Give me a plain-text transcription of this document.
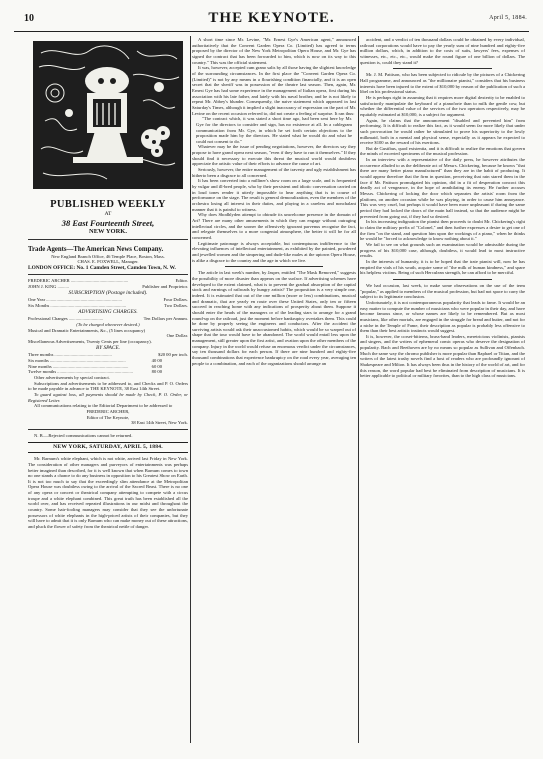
10	THE KEYNOTE.	April 5, 1884.
PUBLISHED WEEKLY
AT
38 East Fourteenth Street,
NEW YORK.
Trade Agents—The American News Company.
New England Branch Office, 46 Temple Place, Boston, Mass.
CHAS. E. FOXWELL, Manager.
LONDON OFFICE: No. 1 Camden Street, Camden Town, N. W.
FREDERIC ARCHER ..................................................	Editor.
JOHN J. KING ..........	Publisher and Proprietor.
SUBSCRIPTION (Postage included).
One Year ..................................................................	Four Dollars.
Six Months ..................................................................	Two Dollars.
ADVERTISING CHARGES.
Professional Changes ..............................	Ten Dollars per Annum.
(To be charged whenever desired.)
Musical and Dramatic Entertainments, &c., (5 lines occupancy)
One Dollar.
Miscellaneous Advertisements, Twenty Cents per line (occupancy).
BY SPACE.
Three months ..................................................	$20 00 per inch.
Six months ..................................................................	40 00
Nine months ..................................................................	60 00
Twelve months ..................................................................	80 00

Other advertisements by special contract.

Subscriptions and advertisements to be addressed to, and Checks and P. O. Orders to be made payable in advance to THE KEYNOTE, 38 East 14th Street.

To guard against loss, all payments should be made by Check, P. O. Order, or Registered Letter.

All communications relating to the Editorial Department to be addressed to

FREDERIC ARCHER,
Editor of The Keynote,
38 East 14th Street, New York.

N. B.—Rejected communications cannot be returned.

NEW YORK, SATURDAY, APRIL 5, 1884.

Mr. Barnum's white elephant, which is not white, arrived last Friday in New York. The consideration of other managers and purveyors of entertainments was perhaps better imagined than described, for it is well known that when Barnum comes to town no one stands a chance to do any business in opposition to his Greatest Show on Earth. It is not too much to say that the exceedingly slim attendance at the Metropolitan Opera House was doubtless owing to the arrival of the Sacred Beast. There is no one of any opera or concert or theatrical company attempting to compete with a circus troupe and a white elephant combined. This great truth has been established all the world over, and has received repeated illustrations in our midst and throughout the country. Some hair-fooling managers may consider that they see the unfortunate possessors of white elephants in the high-priced artists of their companies, but they will have to admit that it is only Barnum who can make money out of these attractions, and pluck the flower of safety from the theatrical nettle of danger.

A short time since Mr. Levine, "Mr. Ernest Gye's American agent," announced authoritatively that the Convent Garden Opera Co. (Limited) has agreed to terms proposed by the director of the New York Metropolitan Opera House, and Mr. Gye has signed the contract that has been forwarded to him, which is now on its way to this country." This was the official statement.

It was, however, accepted cum grano salis by all those having the slightest knowledge of the surrounding circumstances. In the first place the "Convent Garden Opera Co. (Limited)" is not by any means in a flourishing condition financially, and it is an open secret that the sheriff was in possession of the theatre last season. Then, again, Mr. Ernest Gye has had some experience in the management of Italian opera, first during his association with his late father, and lately with his naval brother, and he is not likely to repeat Mr. Abbey's blunder. Consequently, the naive statement which appeared in last Saturday's Times, although it implied a slight inaccuracy of expression on the part of Mr. Levine on the recent occasion referred to, did not create a feeling of surprise. It ran thus:

"The contract which, it was stated a short time ago, had been sent here by Mr. Gye for the directors to consider and sign, has no existence at all. In a cablegram communication from Mr. Gye, in which he set forth certain objections to the proposition made him by the directors. He stated what he would do and what he could not consent to do."

Whatever may be the issue of pending negotiations, however, the directors say they propose to have grand opera next season, "even if they have to run it themselves." If they should find it necessary to execute this threat the musical world would doubtless appreciate the artistic value of their efforts to advance the cause of art.

Seriously, however, the entire management of the travesty and ugly establishment has hitherto been a disgrace to all concerned.

It has been converted into a milliner's show room on a large scale, and is frequented by vulgar and ill-bred people, who by their persistent and idiotic conversation carried on in loud tones render it utterly impossible to hear anything that is in course of performance on the stage. The result is general demoralization, even the members of the orchestra losing all interest in their duties, and playing in a careless and nonchalant manner that it is painful to witness.

Why does Sbodhlyden attempt to obtrude its unwelcome presence in the domain of Art? There are many other amusements in which they can engage without outraging intellectual circles, and the sooner the offensively ignorant parvenus recognise the fact, and relegate themselves to a more congenial atmosphere, the better it will be for all concerned.

Legitimate patronage is always acceptable, but contemptuous indifference to the elevating influences of intellectual entertainment, as exhibited by the painted, powdered and jewelled women and the simpering and dude-like males at the uptown Opera House, is alike a disgrace to the country and the age in which we live.

The article in last week's number, by Jasper, entitled "The Mask Removed," suggests the possibility of more disaster than appears on the surface. If advertising schemes have developed to the extent claimed, what is to prevent the gradual absorption of the capital stock and earnings of railroads by hungry artists? The proposition is a very simple one, indeed. It is estimated that out of the one million (more or less) combinations, musical and dramatic, that are yearly en route over these United States, only ten or fifteen succeed in reaching home with any indications of prosperity about them. Suppose it should enter the heads of the managers or of the leading stars to arrange for a grand round-up on the railroad, just the moment before bankruptcy overtakes them. This could be done by properly seeing the engineers and conductors. After the accident the surviving artists would ask their unaccustomed habits, which would be so warped out of shape that the tour would have to be abandoned. The world would entail less upon the management, still greater upon the first artist, and ovation upon the other members of the company. Injury in the world would refuse an enormous verdict under the circumstances, say ten thousand dollars for each person. If there are nine hundred and eighty-five thousand combinations that experience bankruptcy on the road every year, averaging ten people to a combination, and each of the organizations should arrange an

accident, and a verdict of ten thousand dollars could be obtained by every individual, railroad corporations would have to pay the yearly sum of nine hundred and eighty-five million dollars, which, in addition to the costs of suits, lawyers' fees, expenses of witnesses, etc., etc., etc., would make the round figure of one billion of dollars. The question is, could they stand it?

Mr. J. M. Pattison, who has been subjected to ridicule by the pictures of a Chickering Hall programme, and announced as "the millionaire pianist," considers that his business interests have been injured to the extent of $10,000 by reason of the publication of such a libel on his professional status.

He is perhaps right in assuming that it requires more digital dexterity to be enabled to satisfactorily manipulate the keyboard of a pianoforte than to milk the gentle cow, but whether the differential value of the services of the two operators respectively, may be equitably estimated at $10,000, is a subject for argument.

Again, he claims that the announcement "disabled and prevented him" from performing. It is difficult to realize this fact, as it would seem far more likely that under such provocation he would rather be stimulated to prove his superiority to the lowly milkmaid, both in a mental and physical sense, especially as it appears he expected to receive $100 as the reward of his exertions.

But de Gustibus, quod existentia, and it is difficult to realize the emotions that govern the minds of excerted specimens of the musical profession.

In an interview with a representative of the daily press, he however attributes the occurrence alluded to as the deliberate act of Messrs. Chickering, because he knows "that there are many better piano manufactured" than they are in the habit of producing. It would appear therefore that the firm in question, perceiving that rain stared them in the face if Mr. Pattison promulgated his opinion, did in a fit of desperation concoct this deadly act of vengeance, in the hope of annihilating its enemy. He further accuses Messrs. Chickering of locking the door which separates the artists' room from the platform, on another occasion while he was playing, in order to cause him annoyance. This was very cruel, but perhaps it would have been more unpleasant if during the same period they had locked the doors of the main hall instead, so that the audience might be prevented from going out, if they had so desired.

In his increasing indignation the pianist then proceeds to doubt Mr. Chickering's right to claim the military prefix of "Colonel," and then further expresses a desire to get one of the firm "on the stand, and question him upon the workings of a piano," when he thinks he would be "forced to acknowledge to know nothing about it."

We fail to see on what grounds such an examination would be admissible during the progress of his $10,000 case, although, doubtless, it would lead to most instructive results.

In the interests of humanity, it is to be hoped that the irate pianist will, now he has emptied the vials of his wrath, acquire some of "the milk of human kindness," and spare his helpless victims. Being of such Herculean strength, he can afford to be merciful.

We had occasion, last week, to make some observations on the use of the term "popular," as applied to members of the musical profession, but had not space to carry the subject to its legitimate conclusion.

Unfortunately, it is not contemporaneous popularity that leads to fame. It would be an easy matter to compute the number of musicians who were popular in their day, and have become famous since, or whose names are likely to be remembered. But as most musicians, like other mortals, are engaged in the struggle for bread and butter, and not for a niche in the Temple of Fame, their description as popular is probably less offensive to them than their best artistic instincts would suggest.

It is, however, the corset-bitterns, brass-band leaders, meretricious violinists, pianists and singers, and the writers of ephemeral comic operas who deserve the designation of popularity. Bach and Beethoven are by no means so popular as Sullivan and Offenbach. Much the same way the chromo publisher is more popular than Raphael or Titian, and the writers of the latest trashy novels find a host of readers who are profoundly ignorant of Shakespeare and Milton. It has always been thus in the history of the world of art, and for this reason, the word popular had best be eliminated from description of musicians. It is better applicable to political or military favorites, than to the high class of musicians.
